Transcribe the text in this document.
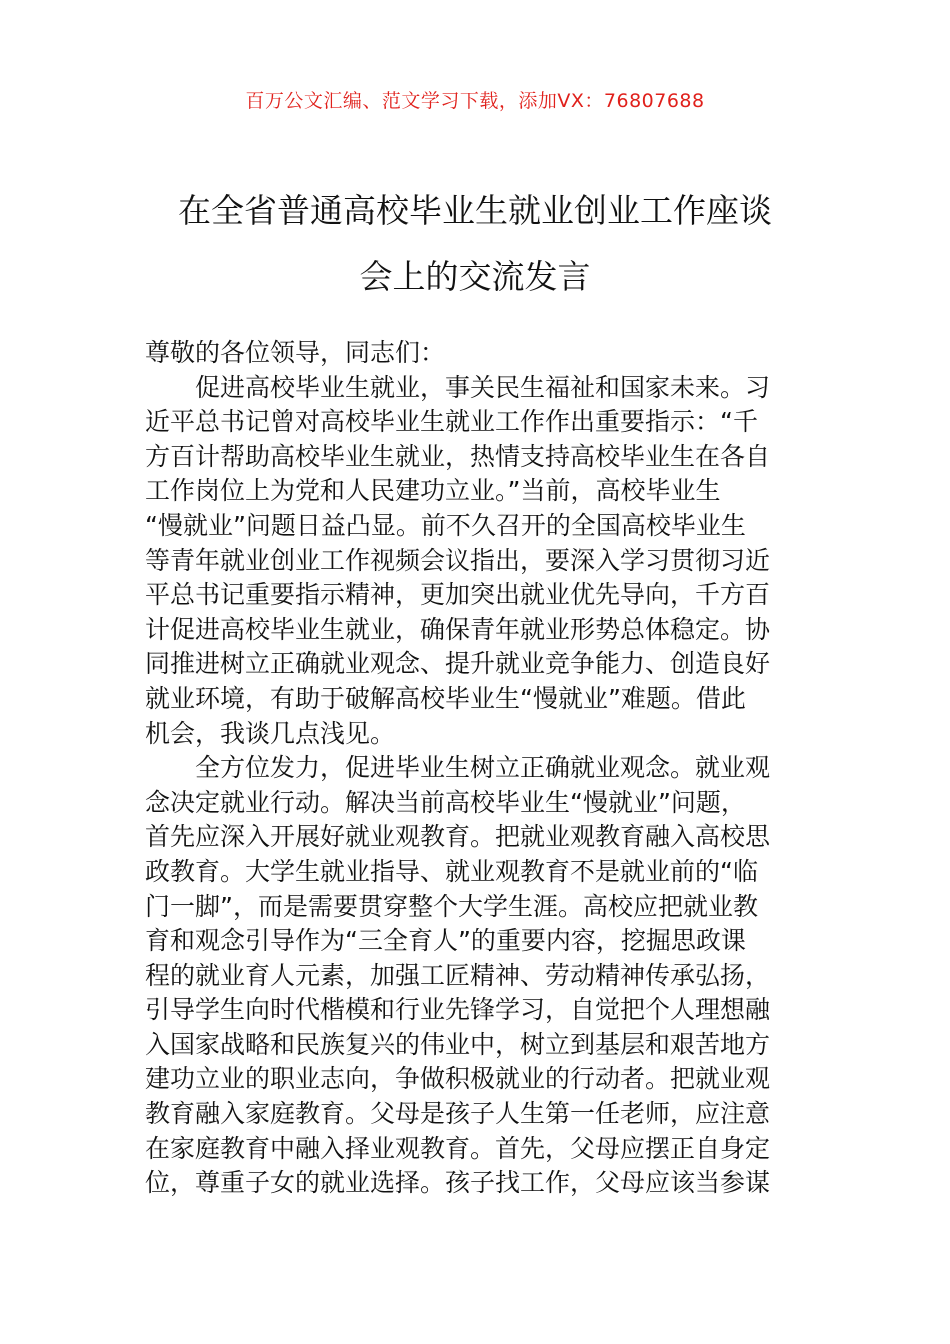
百万公文汇编、范文学习下载，添加VX：76807688
在全省普通高校毕业生就业创业工作座谈
会上的交流发言
尊敬的各位领导，同志们：
促进高校毕业生就业，事关民生福祉和国家未来。习
近平总书记曾对高校毕业生就业工作作出重要指示：“千
方百计帮助高校毕业生就业，热情支持高校毕业生在各自
工作岗位上为党和人民建功立业。”当前，高校毕业生
“慢就业”问题日益凸显。前不久召开的全国高校毕业生
等青年就业创业工作视频会议指出，要深入学习贯彻习近
平总书记重要指示精神，更加突出就业优先导向，千方百
计促进高校毕业生就业，确保青年就业形势总体稳定。协
同推进树立正确就业观念、提升就业竞争能力、创造良好
就业环境，有助于破解高校毕业生“慢就业”难题。借此
机会，我谈几点浅见。
全方位发力，促进毕业生树立正确就业观念。就业观
念决定就业行动。解决当前高校毕业生“慢就业”问题，
首先应深入开展好就业观教育。把就业观教育融入高校思
政教育。大学生就业指导、就业观教育不是就业前的“临
门一脚”，而是需要贯穿整个大学生涯。高校应把就业教
育和观念引导作为“三全育人”的重要内容，挖掘思政课
程的就业育人元素，加强工匠精神、劳动精神传承弘扬，
引导学生向时代楷模和行业先锋学习，自觉把个人理想融
入国家战略和民族复兴的伟业中，树立到基层和艰苦地方
建功立业的职业志向，争做积极就业的行动者。把就业观
教育融入家庭教育。父母是孩子人生第一任老师，应注意
在家庭教育中融入择业观教育。首先，父母应摆正自身定
位，尊重子女的就业选择。孩子找工作，父母应该当参谋
